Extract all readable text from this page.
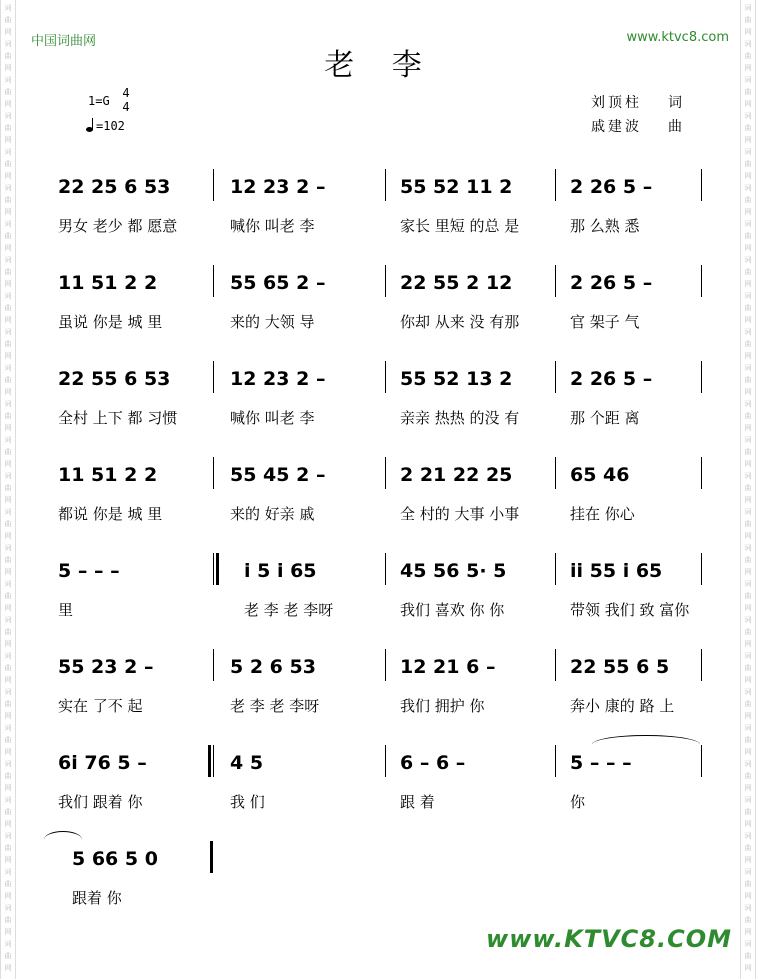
词
曲
网
词
曲
网
词
曲
网
词
曲
网
词
曲
网
词
曲
网
词
曲
网
词
曲
网
词
曲
网
词
曲
网
词
曲
网
词
曲
网
词
曲
网
词
曲
网
词
曲
网
词
曲
网
词
曲
网
词
曲
网
词
曲
网
词
曲
网
词
曲
网
词
曲
网
词
曲
网
词
曲
网
词
曲
网
词
曲
网
词
曲
网
词
曲
网
词
曲
网
词
曲
网
词
曲
网
词
曲
网
词
曲
网
词
曲
网
词
曲
网
词
曲
网
词
曲
网
词
曲
网
词
曲
网
词
曲
网
词
曲
网
词
曲
网
词
曲
网
词
曲
网
词
曲
网
词
曲
网
词
曲
网
词
曲
网
词
曲
网
词
曲
网
词
曲
网
词
曲
网
词
曲
网
词
曲
网
中国词曲网	www.ktvc8.com
老 李
1=G
4
4
=102
刘顶柱 词
戚建波 曲
22 25 6 53
男女 老少 都 愿意
12 23 2 –
喊你 叫老 李
55 52 11 2
家长 里短 的总 是
2 26 5 –
那 么熟 悉
11 51 2 2
虽说 你是 城 里
55 65 2 –
来的 大领 导
22 55 2 12
你却 从来 没 有那
2 26 5 –
官 架子 气
22 55 6 53
全村 上下 都 习惯
12 23 2 –
喊你 叫老 李
55 52 13 2
亲亲 热热 的没 有
2 26 5 –
那 个距 离
11 51 2 2
都说 你是 城 里
55 45 2 –
来的 好亲 戚
2 21 22 25
全 村的 大事 小事
65 46
挂在 你心
5 – – –
里
i 5 i 65
老 李 老 李呀
45 56 5· 5
我们 喜欢 你 你
ii 55 i 65
带领 我们 致 富你
55 23 2 –
实在 了不 起
5 2 6 53
老 李 老 李呀
12 21 6 –
我们 拥护 你
22 55 6 5
奔小 康的 路 上
6i 76 5 –
我们 跟着 你
4 5
我 们
6 – 6 –
跟 着
5 – – –
你
5 66 5 0
跟着 你
www.KTVC8.COM
